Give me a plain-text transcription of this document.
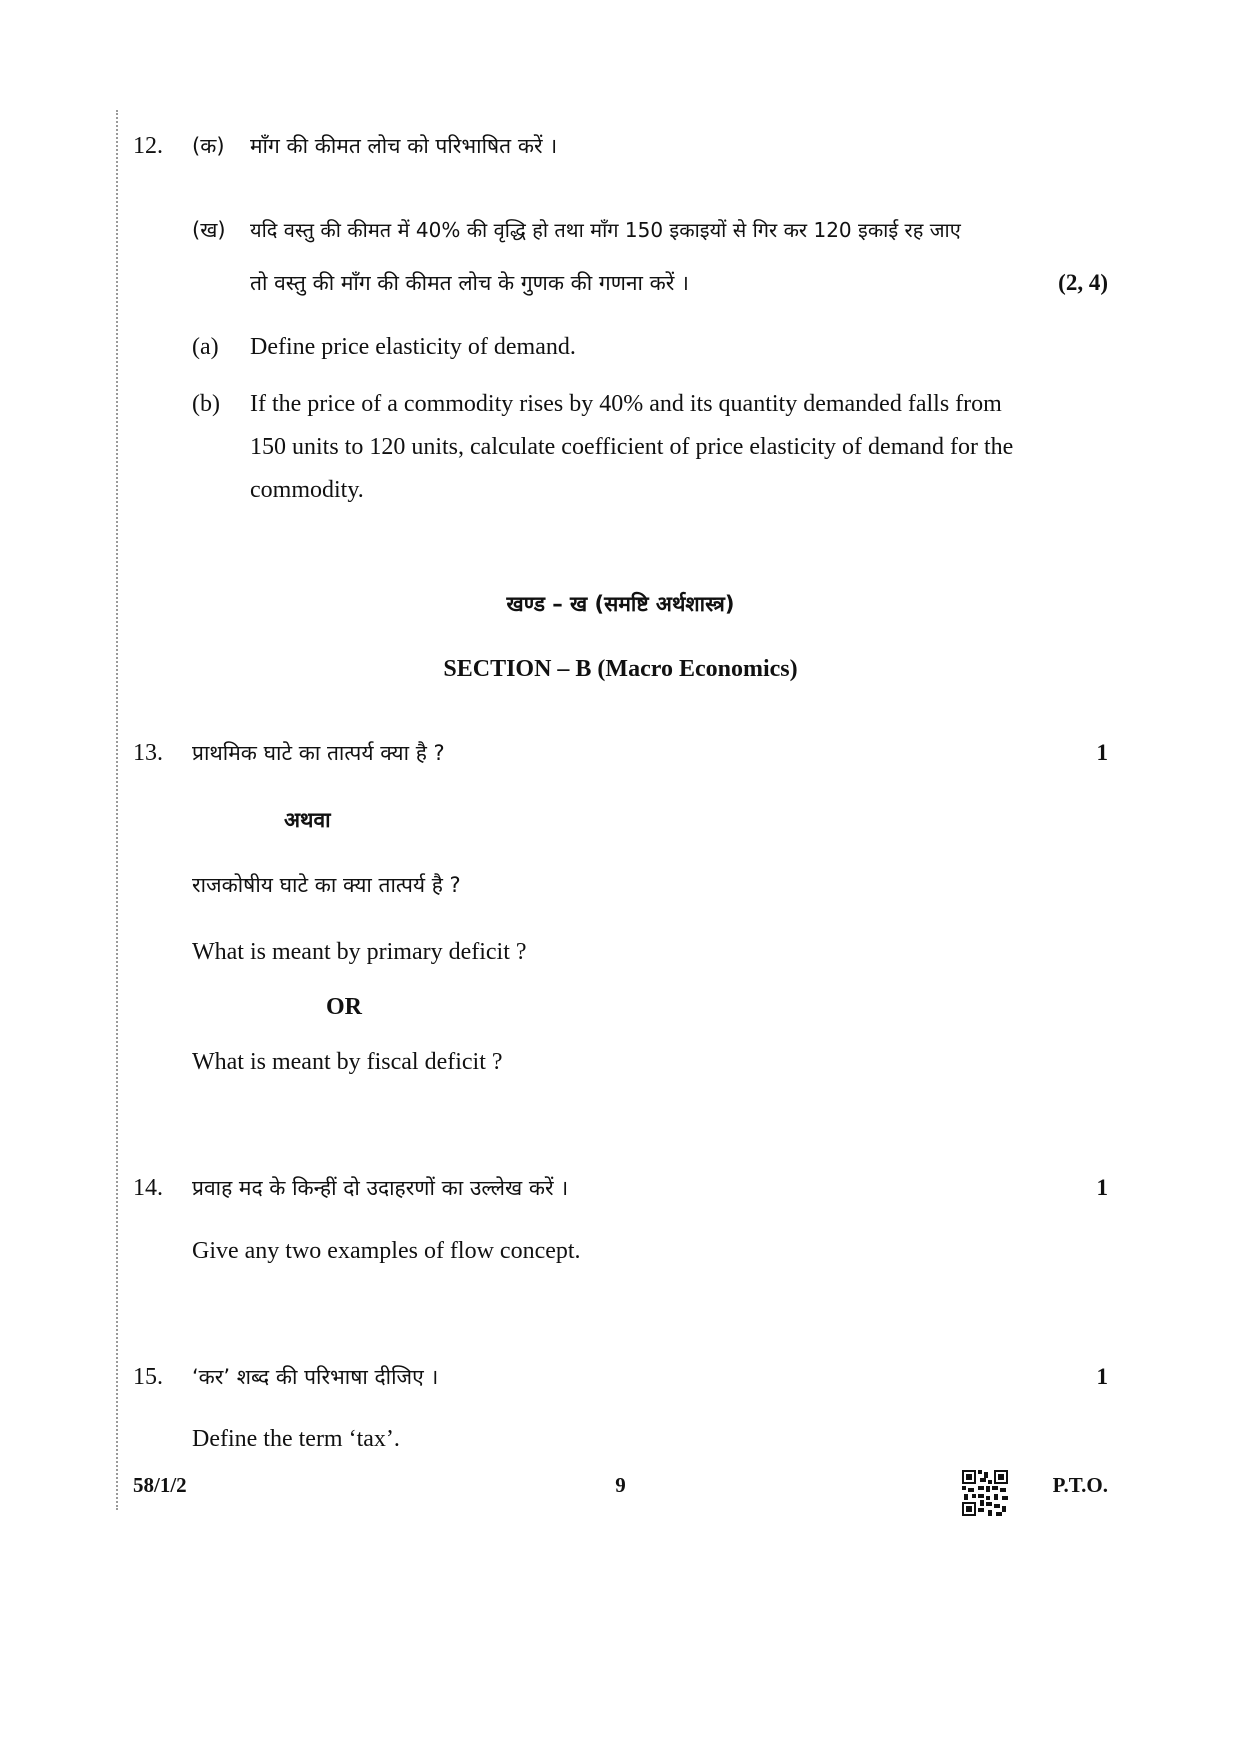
12. (क) माँग की कीमत लोच को परिभाषित करें ।
(ख) यदि वस्तु की कीमत में 40% की वृद्धि हो तथा माँग 150 इकाइयों से गिर कर 120 इकाई रह जाए
तो वस्तु की माँग की कीमत लोच के गुणक की गणना करें ।	(2, 4)
(a) Define price elasticity of demand.
(b) If the price of a commodity rises by 40% and its quantity demanded falls from
150 units to 120 units, calculate coefficient of price elasticity of demand for the
commodity.
खण्ड – ख (समष्टि अर्थशास्त्र)
SECTION – B (Macro Economics)
13. प्राथमिक घाटे का तात्पर्य क्या है ?	1
अथवा
राजकोषीय घाटे का क्या तात्पर्य है ?
What is meant by primary deficit ?
OR
What is meant by fiscal deficit ?
14. प्रवाह मद के किन्हीं दो उदाहरणों का उल्लेख करें ।	1
Give any two examples of flow concept.
15. ‘कर’ शब्द की परिभाषा दीजिए ।	1
Define the term ‘tax’.
58/1/2	9	P.T.O.
